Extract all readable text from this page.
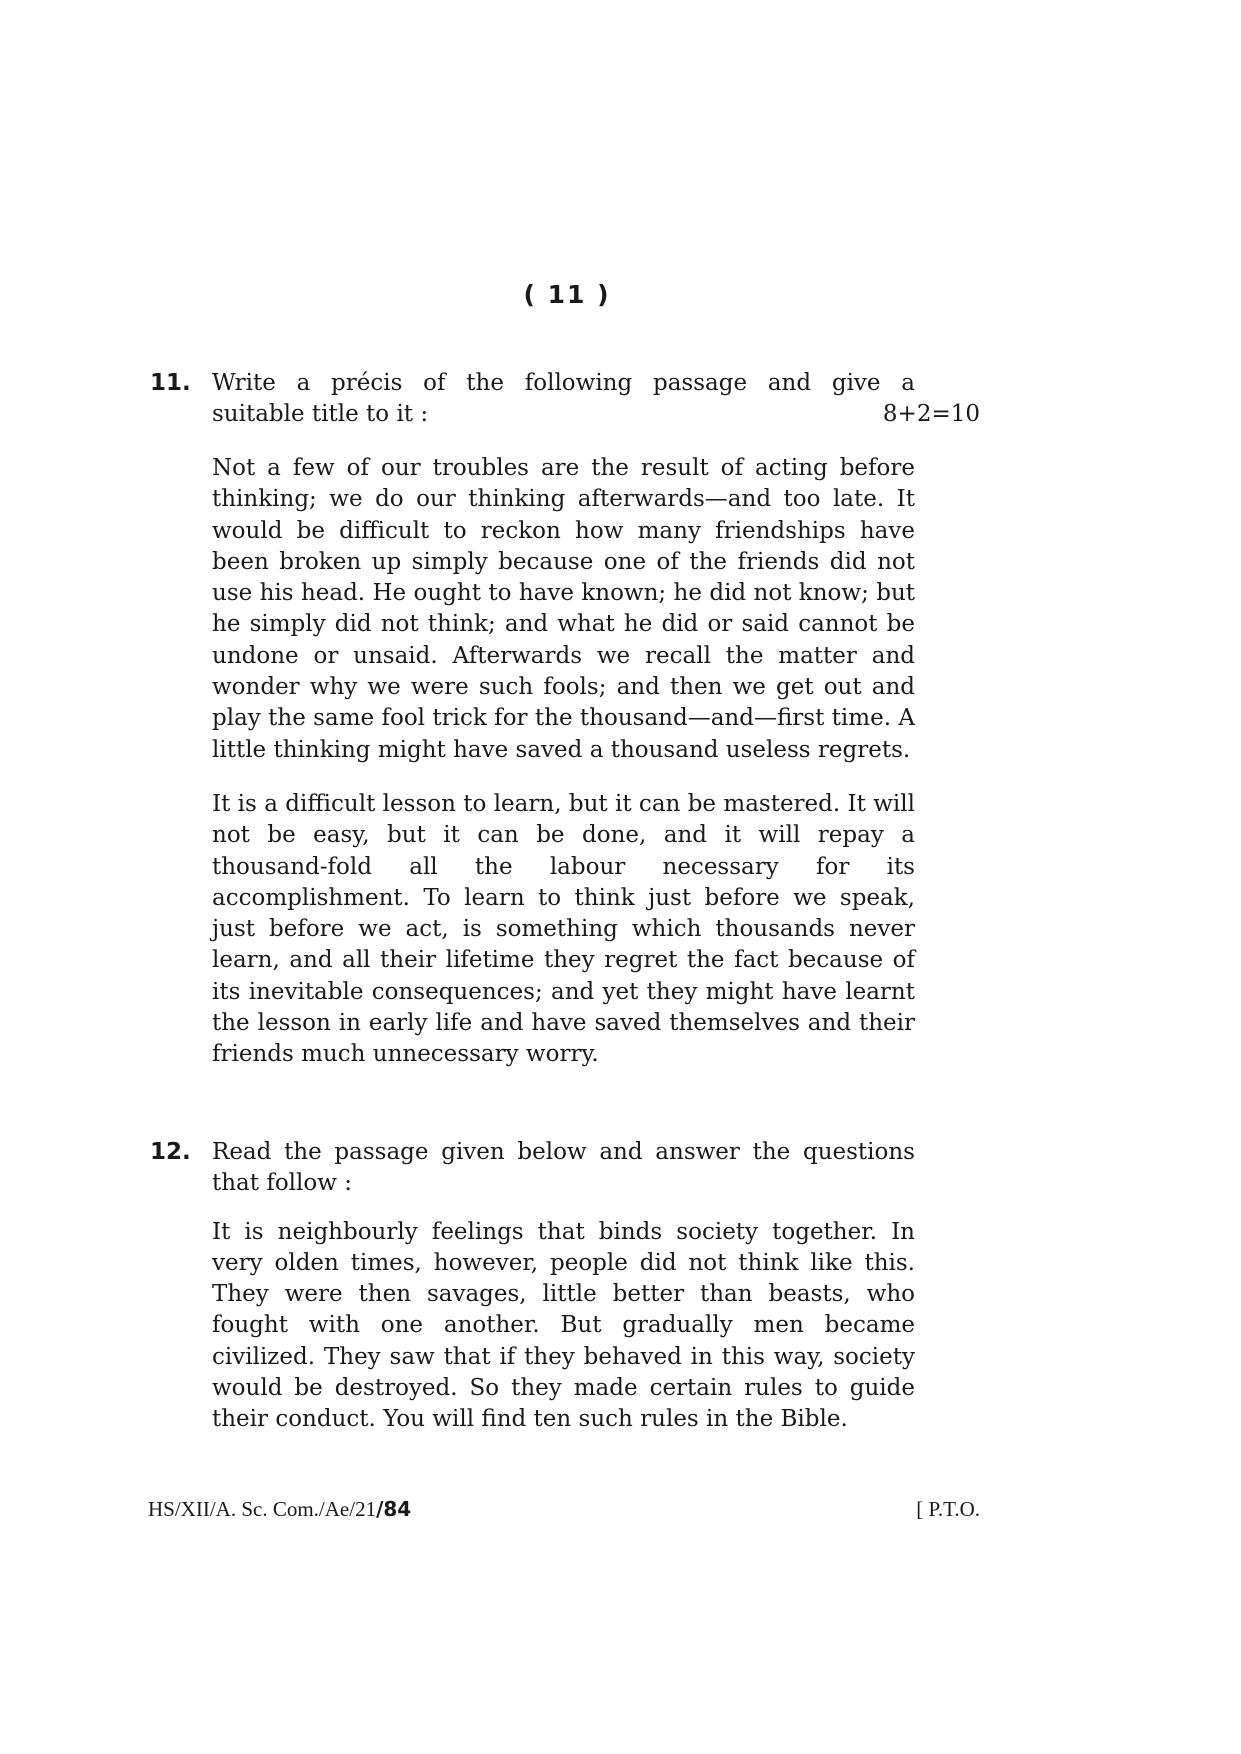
( 11 )
11. Write a précis of the following passage and give a

suitable title to it :	8+2=10

Not a few of our troubles are the result of acting before thinking; we do our thinking afterwards—and too late. It would be difficult to reckon how many friendships have been broken up simply because one of the friends did not use his head. He ought to have known; he did not know; but he simply did not think; and what he did or said cannot be undone or unsaid. Afterwards we recall the matter and wonder why we were such fools; and then we get out and play the same fool trick for the thousand—and—first time. A little thinking might have saved a thousand useless regrets.

It is a difficult lesson to learn, but it can be mastered. It will not be easy, but it can be done, and it will repay a thousand-fold all the labour necessary for its accomplishment. To learn to think just before we speak, just before we act, is something which thousands never learn, and all their lifetime they regret the fact because of its inevitable consequences; and yet they might have learnt the lesson in early life and have saved themselves and their friends much unnecessary worry.

12. Read the passage given below and answer the questions that follow :

It is neighbourly feelings that binds society together. In very olden times, however, people did not think like this. They were then savages, little better than beasts, who fought with one another. But gradually men became civilized. They saw that if they behaved in this way, society would be destroyed. So they made certain rules to guide their conduct. You will find ten such rules in the Bible.

HS/XII/A. Sc. Com./Ae/21/84	[ P.T.O.
